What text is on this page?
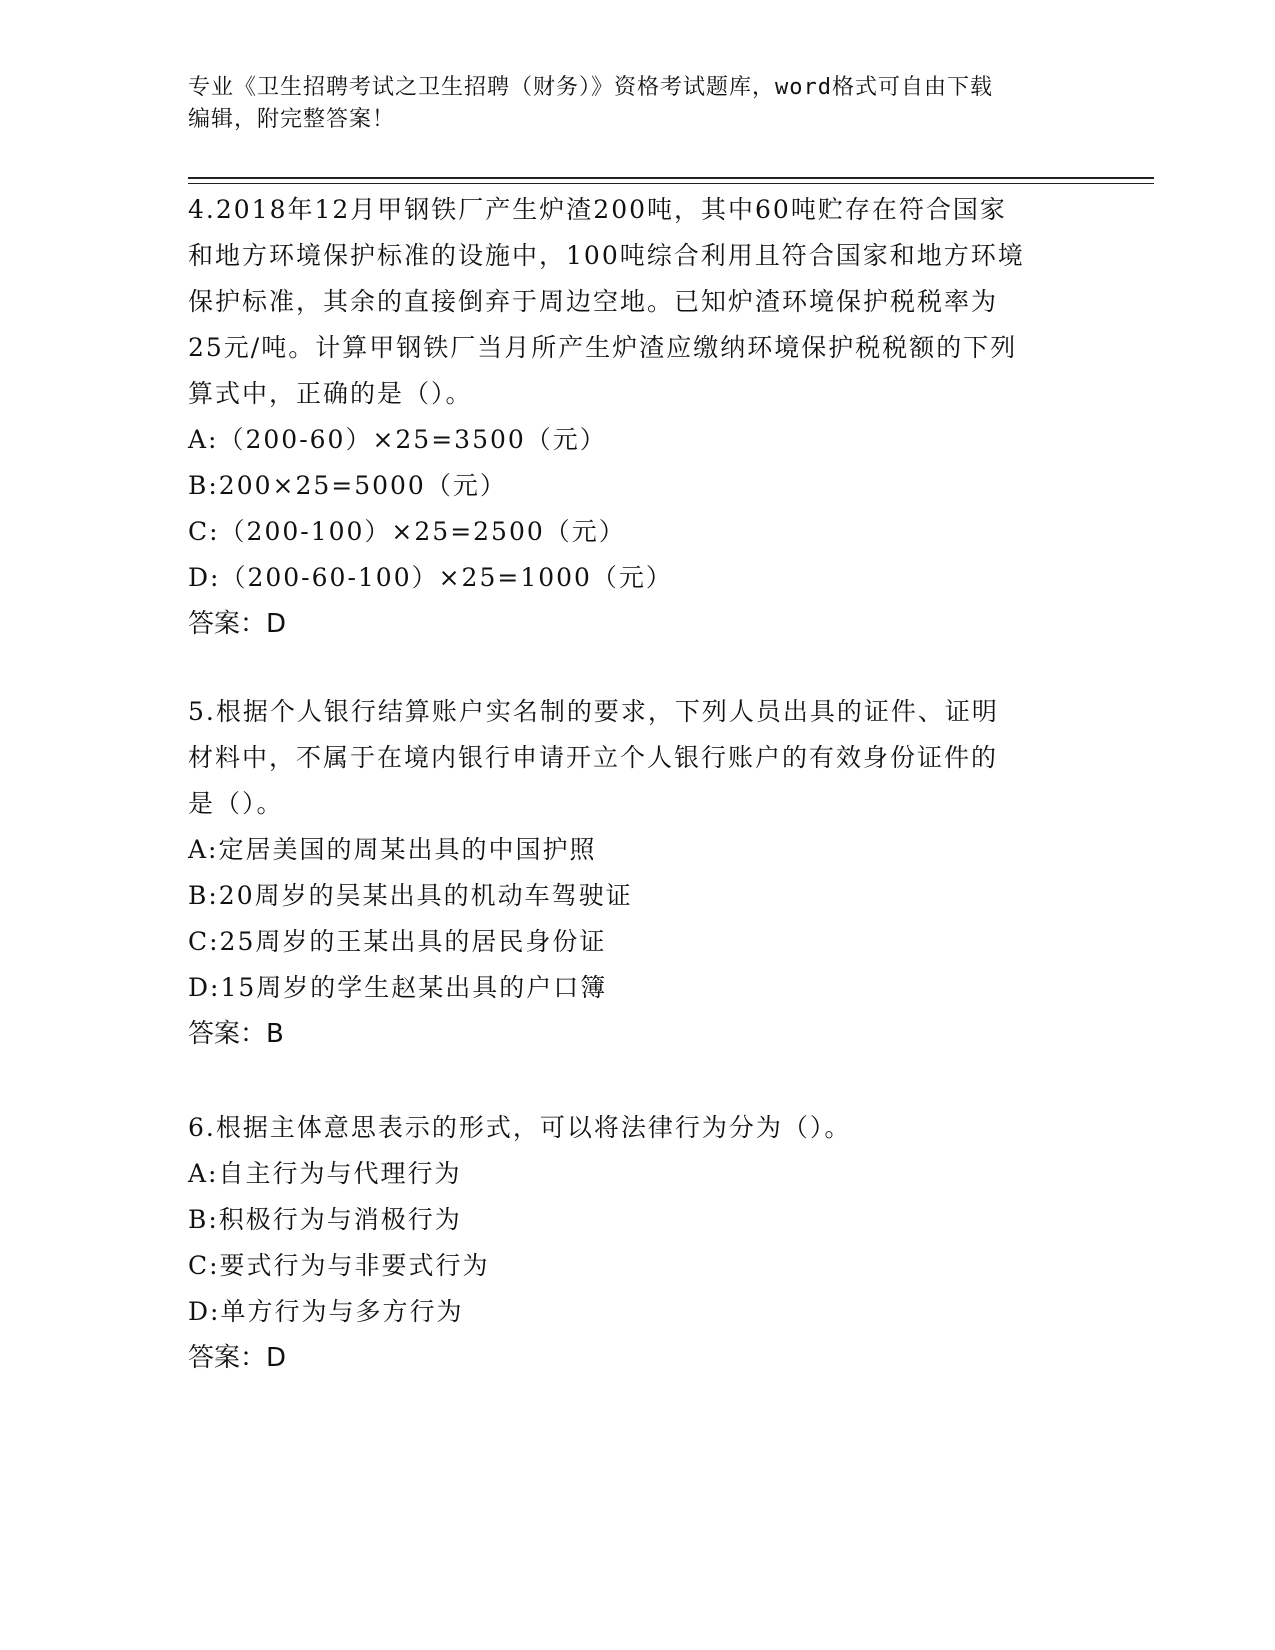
专业《卫生招聘考试之卫生招聘（财务）》资格考试题库，word格式可自由下载
编辑，附完整答案！
4.2018年12月甲钢铁厂产生炉渣200吨，其中60吨贮存在符合国家
和地方环境保护标准的设施中，100吨综合利用且符合国家和地方环境
保护标准，其余的直接倒弃于周边空地。已知炉渣环境保护税税率为
25元/吨。计算甲钢铁厂当月所产生炉渣应缴纳环境保护税税额的下列
算式中，正确的是（）。
A:（200-60）×25=3500（元）
B:200×25=5000（元）
C:（200-100）×25=2500（元）
D:（200-60-100）×25=1000（元）
答案：D
5.根据个人银行结算账户实名制的要求，下列人员出具的证件、证明
材料中，不属于在境内银行申请开立个人银行账户的有效身份证件的
是（）。
A:定居美国的周某出具的中国护照
B:20周岁的吴某出具的机动车驾驶证
C:25周岁的王某出具的居民身份证
D:15周岁的学生赵某出具的户口簿
答案：B
6.根据主体意思表示的形式，可以将法律行为分为（）。
A:自主行为与代理行为
B:积极行为与消极行为
C:要式行为与非要式行为
D:单方行为与多方行为
答案：D
